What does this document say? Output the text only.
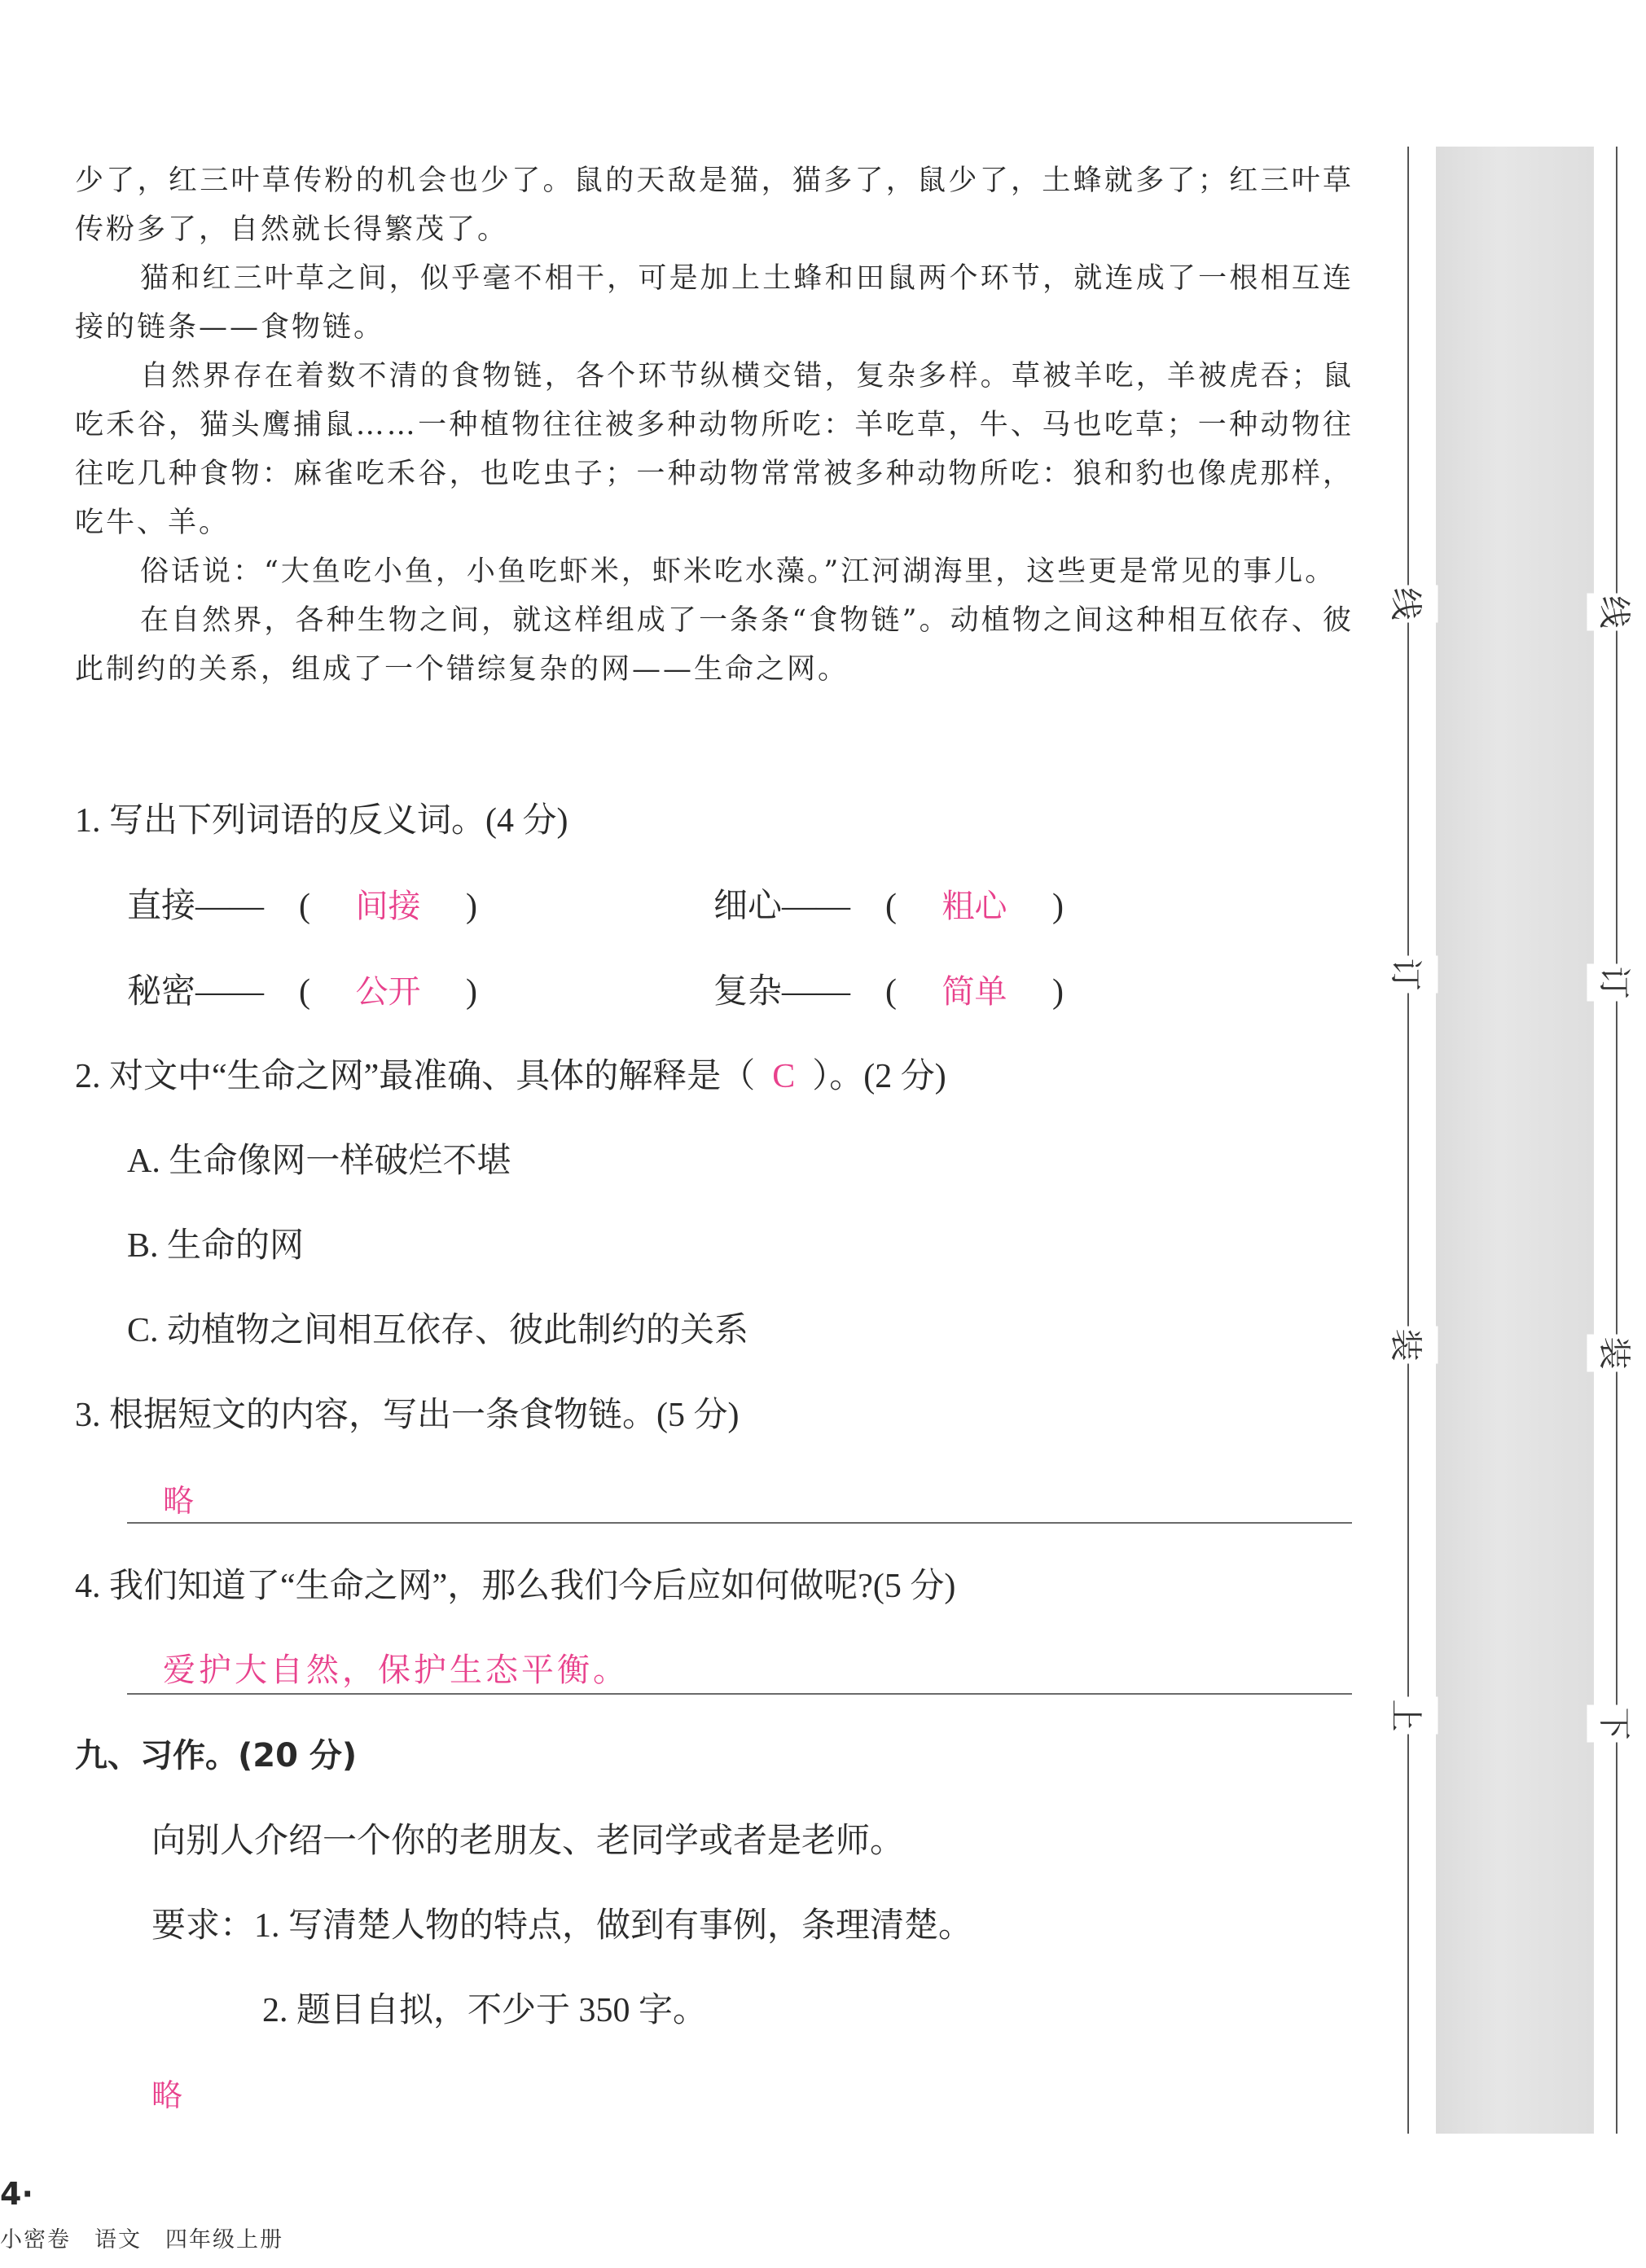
少了，红三叶草传粉的机会也少了。鼠的天敌是猫，猫多了，鼠少了，土蜂就多了；红三叶草传粉多了，自然就长得繁茂了。

猫和红三叶草之间，似乎毫不相干，可是加上土蜂和田鼠两个环节，就连成了一根相互连接的链条——食物链。

自然界存在着数不清的食物链，各个环节纵横交错，复杂多样。草被羊吃，羊被虎吞；鼠吃禾谷，猫头鹰捕鼠……一种植物往往被多种动物所吃：羊吃草，牛、马也吃草；一种动物往往吃几种食物：麻雀吃禾谷，也吃虫子；一种动物常常被多种动物所吃：狼和豹也像虎那样，吃牛、羊。

俗话说：“大鱼吃小鱼，小鱼吃虾米，虾米吃水藻。”江河湖海里，这些更是常见的事儿。

在自然界，各种生物之间，就这样组成了一条条“食物链”。动植物之间这种相互依存、彼此制约的关系，组成了一个错综复杂的网——生命之网。

1. 写出下列词语的反义词。(4 分)
直接—— ( 间接 )	细心—— ( 粗心 )
秘密—— ( 公开 )	复杂—— ( 简单 )
2. 对文中“生命之网”最准确、具体的解释是（ C ）。(2 分)
A. 生命像网一样破烂不堪
B. 生命的网
C. 动植物之间相互依存、彼此制约的关系
3. 根据短文的内容，写出一条食物链。(5 分)
略
4. 我们知道了“生命之网”，那么我们今后应如何做呢?(5 分)
爱护大自然，保护生态平衡。
九、习作。(20 分)
向别人介绍一个你的老朋友、老同学或者是老师。
要求：1. 写清楚人物的特点，做到有事例，条理清楚。
2. 题目自拟，不少于 350 字。
略
线
订
装
上
线
订
装
下
4·
小密卷　语文　四年级上册
